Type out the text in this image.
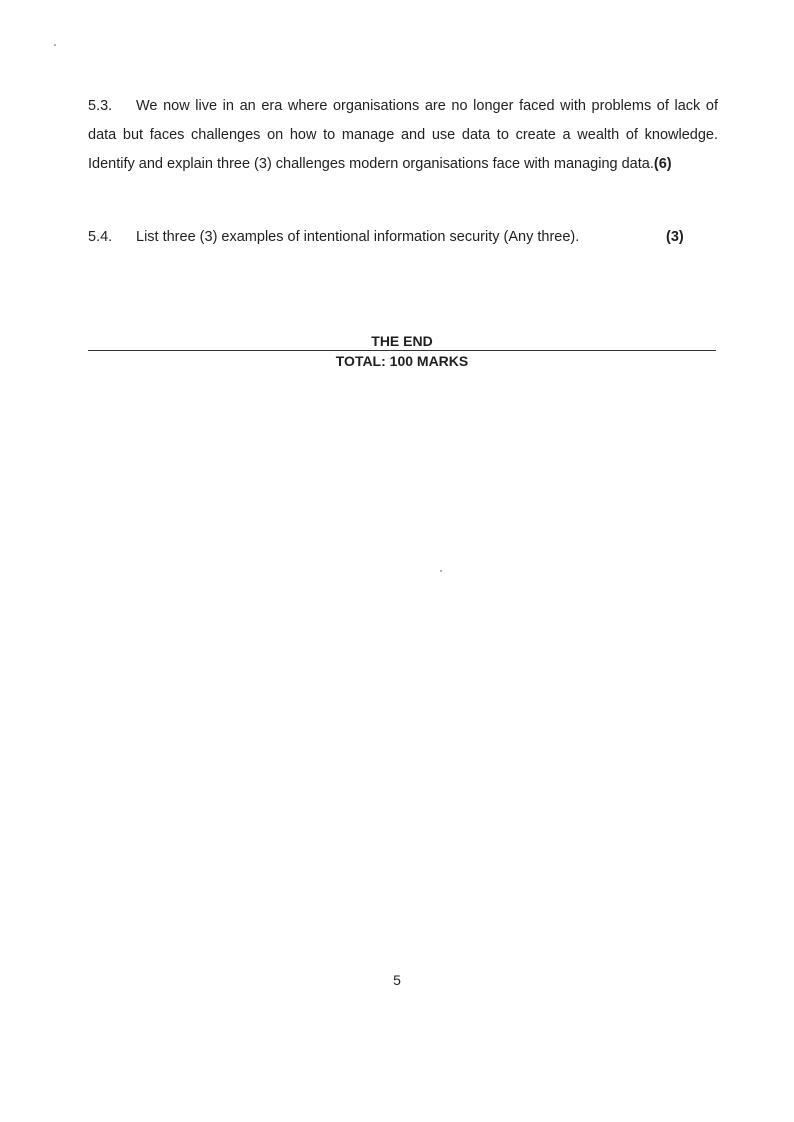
5.3. We now live in an era where organisations are no longer faced with problems of lack of
data but faces challenges on how to manage and use data to create a wealth of knowledge.
Identify and explain three (3) challenges modern organisations face with managing data.(6)
5.4. List three (3) examples of intentional information security (Any three).	(3)
THE END
TOTAL: 100 MARKS
5
